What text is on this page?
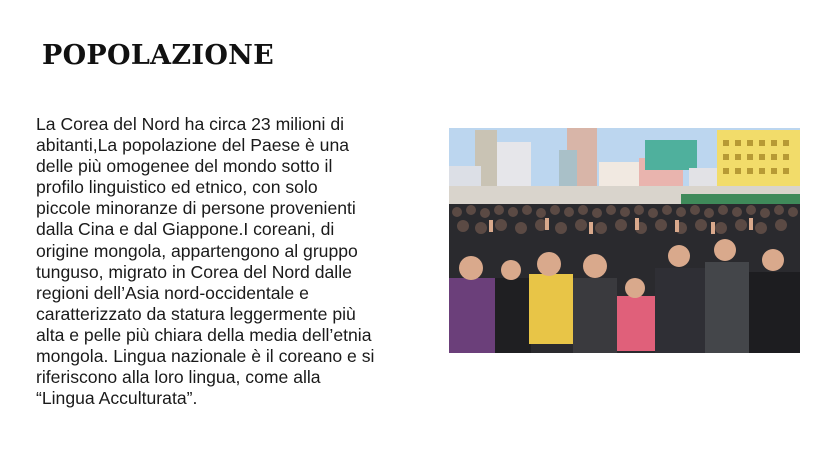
POPOLAZIONE
La Corea del Nord ha circa 23 milioni di
abitanti,La popolazione del Paese è una
delle più omogenee del mondo sotto il
profilo linguistico ed etnico, con solo
piccole minoranze di persone provenienti
dalla Cina e dal Giappone.I coreani, di
origine mongola, appartengono al gruppo
tunguso, migrato in Corea del Nord dalle
regioni dell’Asia nord-occidentale e
caratterizzato da statura leggermente più
alta e pelle più chiara della media dell’etnia
mongola. Lingua nazionale è il coreano e si
riferiscono alla loro lingua, come alla
“Lingua Acculturata”.
